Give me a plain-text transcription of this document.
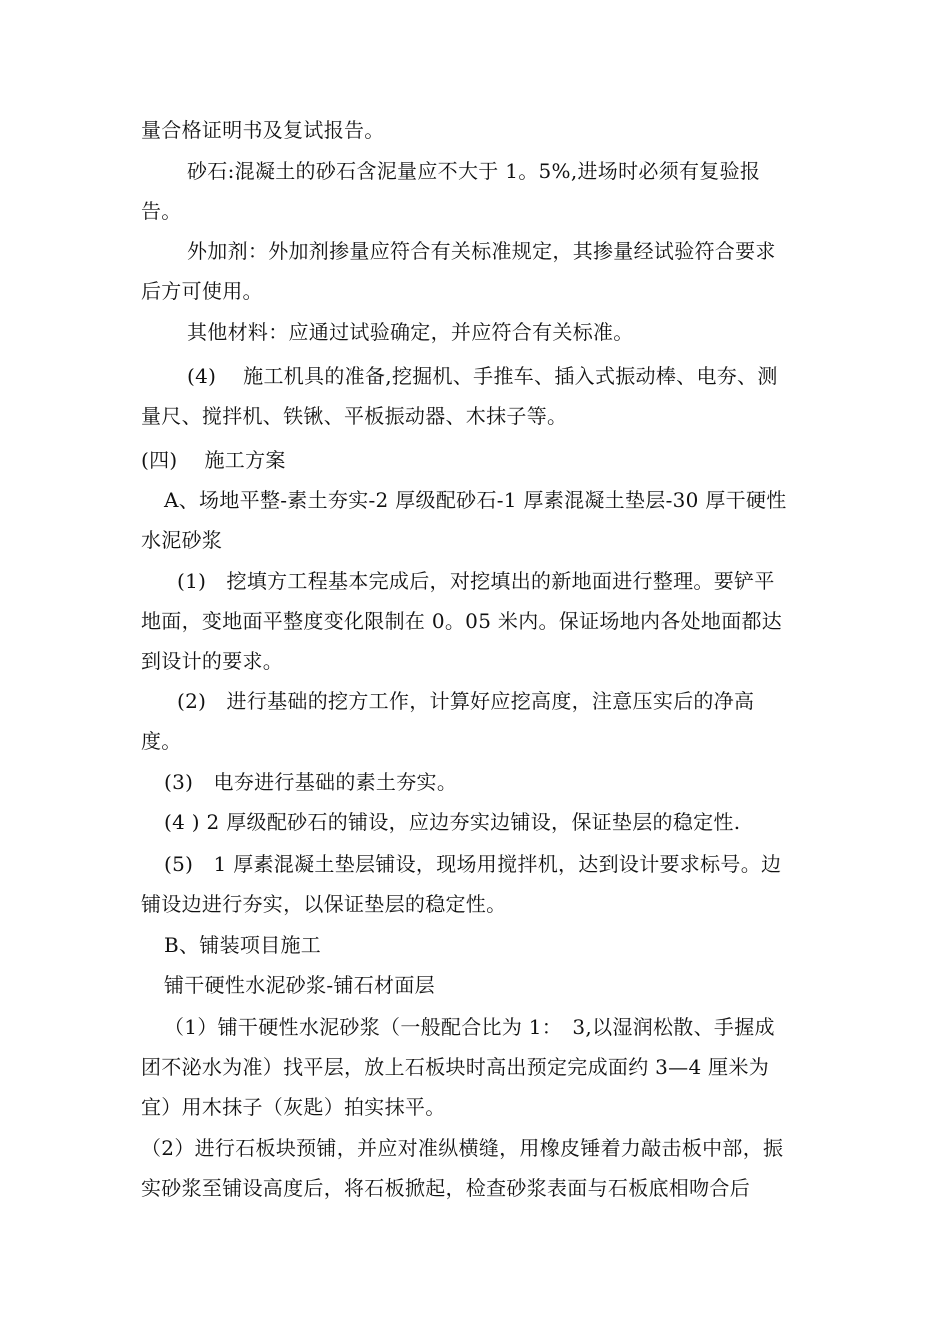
量合格证明书及复试报告。
砂石:混凝土的砂石含泥量应不大于 1。5%,进场时必须有复验报
告。
外加剂：外加剂掺量应符合有关标准规定，其掺量经试验符合要求
后方可使用。
其他材料：应通过试验确定，并应符合有关标准。
(4)　 施工机具的准备,挖掘机、手推车、插入式振动棒、电夯、测
量尺、搅拌机、铁锹、平板振动器、木抹子等。
(四)　 施工方案
A、场地平整-素土夯实-2 厚级配砂石-1 厚素混凝土垫层-30 厚干硬性
水泥砂浆
(1)　挖填方工程基本完成后，对挖填出的新地面进行整理。要铲平
地面，变地面平整度变化限制在 0。05 米内。保证场地内各处地面都达
到设计的要求。
(2)　进行基础的挖方工作，计算好应挖高度，注意压实后的净高
度。
(3)　电夯进行基础的素土夯实。
(4 ) 2 厚级配砂石的铺设，应边夯实边铺设，保证垫层的稳定性.
(5)　1 厚素混凝土垫层铺设，现场用搅拌机，达到设计要求标号。边
铺设边进行夯实，以保证垫层的稳定性。
B、铺装项目施工
铺干硬性水泥砂浆-铺石材面层
（1）铺干硬性水泥砂浆（一般配合比为 1：　3,以湿润松散、手握成
团不泌水为准）找平层，放上石板块时高出预定完成面约 3—4 厘米为
宜）用木抹子（灰匙）拍实抹平。
（2）进行石板块预铺，并应对准纵横缝，用橡皮锤着力敲击板中部，振
实砂浆至铺设高度后，将石板掀起，检查砂浆表面与石板底相吻合后
